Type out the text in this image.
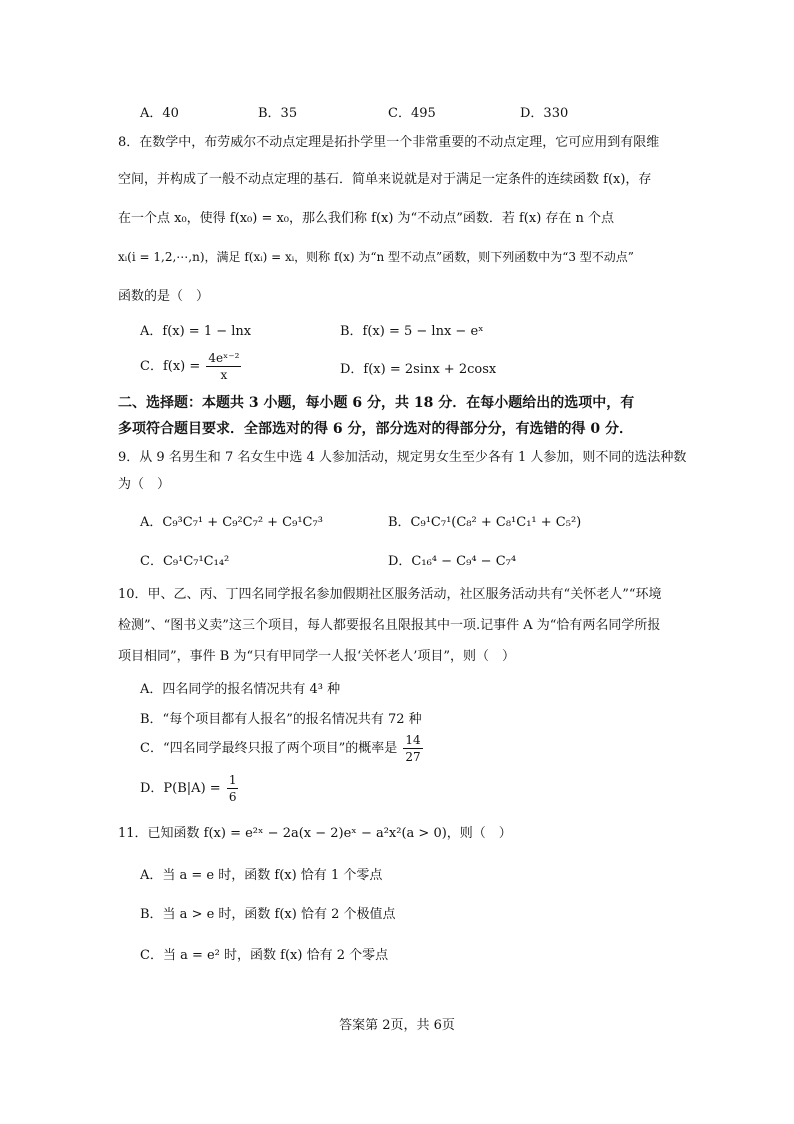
A．40	B．35	C．495	D．330
8．在数学中，布劳威尔不动点定理是拓扑学里一个非常重要的不动点定理，它可应用到有限维
空间，并构成了一般不动点定理的基石．简单来说就是对于满足一定条件的连续函数 f(x)，存
在一个点 x₀，使得 f(x₀) = x₀，那么我们称 f(x) 为“不动点”函数．若 f(x) 存在 n 个点
xᵢ(i = 1,2,⋯,n)，满足 f(xᵢ) = xᵢ，则称 f(x) 为“n 型不动点”函数，则下列函数中为“3 型不动点”
函数的是（　）
A．f(x) = 1 − lnx	B．f(x) = 5 − lnx − eˣ
C．$f(x) = \frac{\text{4eˣ⁻²}}{x}$	D．f(x) = 2sinx + 2cosx
二、选择题：本题共 3 小题，每小题 6 分，共 18 分．在每小题给出的选项中，有
多项符合题目要求．全部选对的得 6 分，部分选对的得部分分，有选错的得 0 分．
9．从 9 名男生和 7 名女生中选 4 人参加活动，规定男女生至少各有 1 人参加，则不同的选法种数
为（　）
A．C₉³C₇¹ + C₉²C₇² + C₉¹C₇³	B．C₉¹C₇¹(C₈² + C₈¹C₁¹ + C₅²)
C．C₉¹C₇¹C₁₄²	D．C₁₆⁴ − C₉⁴ − C₇⁴
10．甲、乙、丙、丁四名同学报名参加假期社区服务活动，社区服务活动共有“关怀老人”“环境
检测”、“图书义卖”这三个项目，每人都要报名且限报其中一项.记事件 A 为“恰有两名同学所报
项目相同”，事件 B 为“只有甲同学一人报‘关怀老人’项目”，则（　）
A．四名同学的报名情况共有 4³ 种
B．“每个项目都有人报名”的报名情况共有 72 种
C．“四名同学最终只报了两个项目”的概率是 $\frac{14}{27}$
D．$P(B|A) = \frac{1}{6}$
11．已知函数 f(x) = e²ˣ − 2a(x − 2)eˣ − a²x²(a > 0)，则（　）
A．当 a = e 时，函数 f(x) 恰有 1 个零点
B．当 a > e 时，函数 f(x) 恰有 2 个极值点
C．当 a = e² 时，函数 f(x) 恰有 2 个零点
答案第 2页，共 6页
